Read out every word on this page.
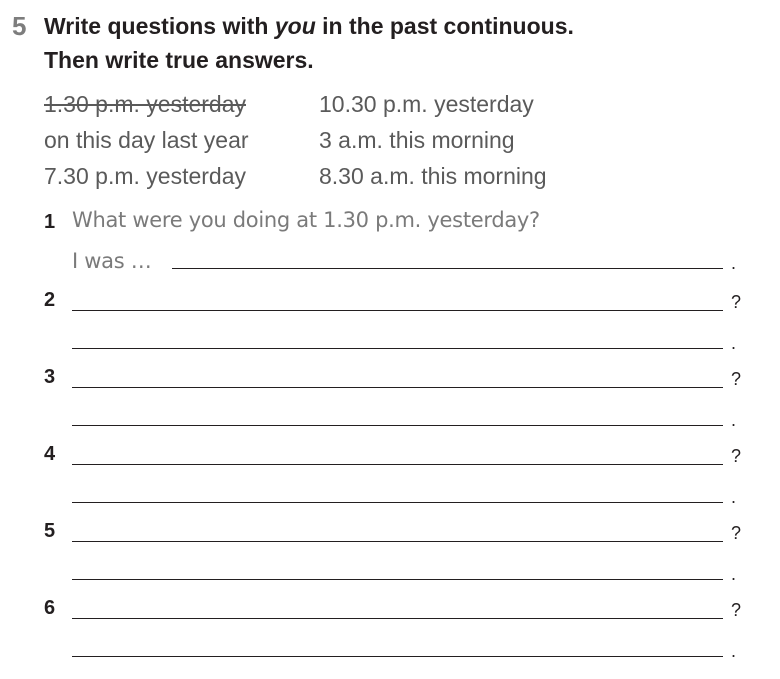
5 Write questions with you in the past continuous.
Then write true answers.
1.30 p.m. yesterday	10.30 p.m. yesterday
on this day last year	3 a.m. this morning
7.30 p.m. yesterday	8.30 a.m. this morning
1 What were you doing at 1.30 p.m. yesterday?
I was …	.
2	?
.
3	?
.
4	?
.
5	?
.
6	?
.
